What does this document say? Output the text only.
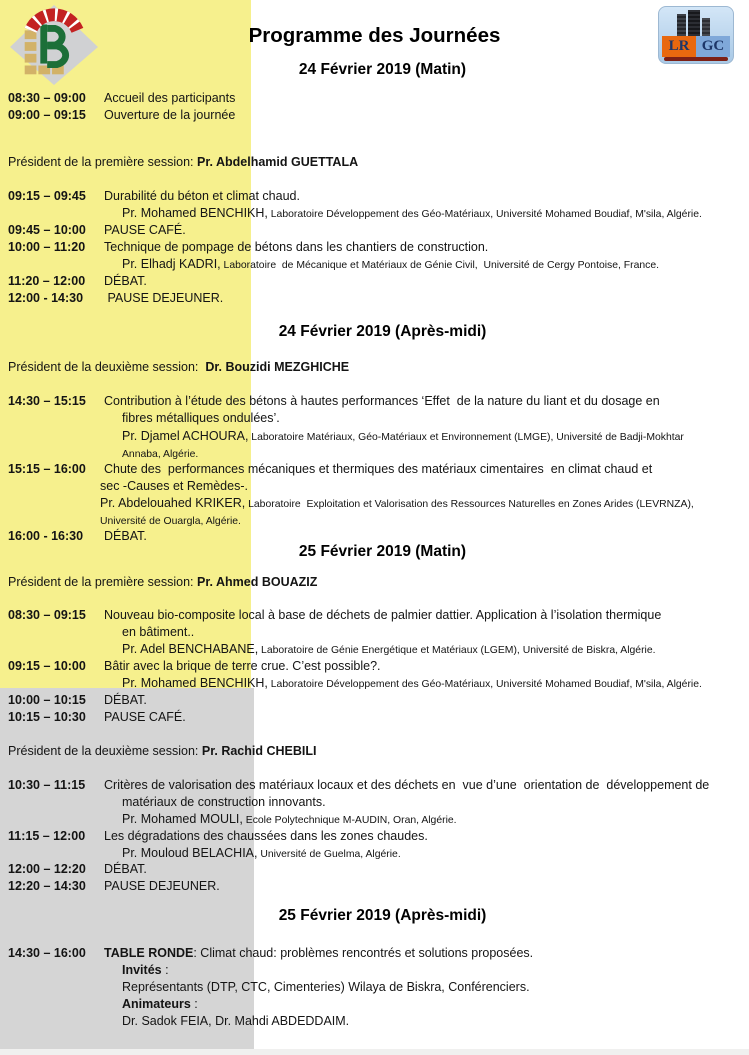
LR GC
Programme des Journées
24 Février 2019 (Matin)
08:30 – 09:00 Accueil des participants
09:00 – 09:15 Ouverture de la journée
Président de la première session: Pr. Abdelhamid GUETTALA
09:15 – 09:45 Durabilité du béton et climat chaud.
Pr. Mohamed BENCHIKH, Laboratoire Développement des Géo-Matériaux, Université Mohamed Boudiaf, M'sila, Algérie.
09:45 – 10:00 PAUSE CAFÉ.
10:00 – 11:20 Technique de pompage de bétons dans les chantiers de construction.
Pr. Elhadj KADRI, Laboratoire  de Mécanique et Matériaux de Génie Civil,  Université de Cergy Pontoise, France.
11:20 – 12:00 DÉBAT.
12:00 - 14:30 PAUSE DEJEUNER.
24 Février 2019 (Après-midi)
Président de la deuxième session:  Dr. Bouzidi MEZGHICHE
14:30 – 15:15 Contribution à l’étude des bétons à hautes performances ‘Effet  de la nature du liant et du dosage en
fibres métalliques ondulées’.
Pr. Djamel ACHOURA, Laboratoire Matériaux, Géo-Matériaux et Environnement (LMGE), Université de Badji-Mokhtar
Annaba, Algérie.
15:15 – 16:00 Chute des  performances mécaniques et thermiques des matériaux cimentaires  en climat chaud et
sec -Causes et Remèdes-.
Pr. Abdelouahed KRIKER, Laboratoire  Exploitation et Valorisation des Ressources Naturelles en Zones Arides (LEVRNZA),
Université de Ouargla, Algérie.
16:00 - 16:30 DÉBAT.
25 Février 2019 (Matin)
Président de la première session: Pr. Ahmed BOUAZIZ
08:30 – 09:15 Nouveau bio-composite local à base de déchets de palmier dattier. Application à l’isolation thermique
en bâtiment..
Pr. Adel BENCHABANE, Laboratoire de Génie Energétique et Matériaux (LGEM), Université de Biskra, Algérie.
09:15 – 10:00 Bâtir avec la brique de terre crue. C’est possible?.
Pr. Mohamed BENCHIKH, Laboratoire Développement des Géo-Matériaux, Université Mohamed Boudiaf, M'sila, Algérie.
10:00 – 10:15 DÉBAT.
10:15 – 10:30 PAUSE CAFÉ.
Président de la deuxième session: Pr. Rachid CHEBILI
10:30 – 11:15 Critères de valorisation des matériaux locaux et des déchets en  vue d’une  orientation de  développement de
matériaux de construction innovants.
Pr. Mohamed MOULI, Ecole Polytechnique M-AUDIN, Oran, Algérie.
11:15 – 12:00 Les dégradations des chaussées dans les zones chaudes.
Pr. Mouloud BELACHIA, Université de Guelma, Algérie.
12:00 – 12:20 DÉBAT.
12:20 – 14:30 PAUSE DEJEUNER.
25 Février 2019 (Après-midi)
14:30 – 16:00 TABLE RONDE: Climat chaud: problèmes rencontrés et solutions proposées.
Invités :
Représentants (DTP, CTC, Cimenteries) Wilaya de Biskra, Conférenciers.
Animateurs :
Dr. Sadok FEIA, Dr. Mahdi ABDEDDAIM.
